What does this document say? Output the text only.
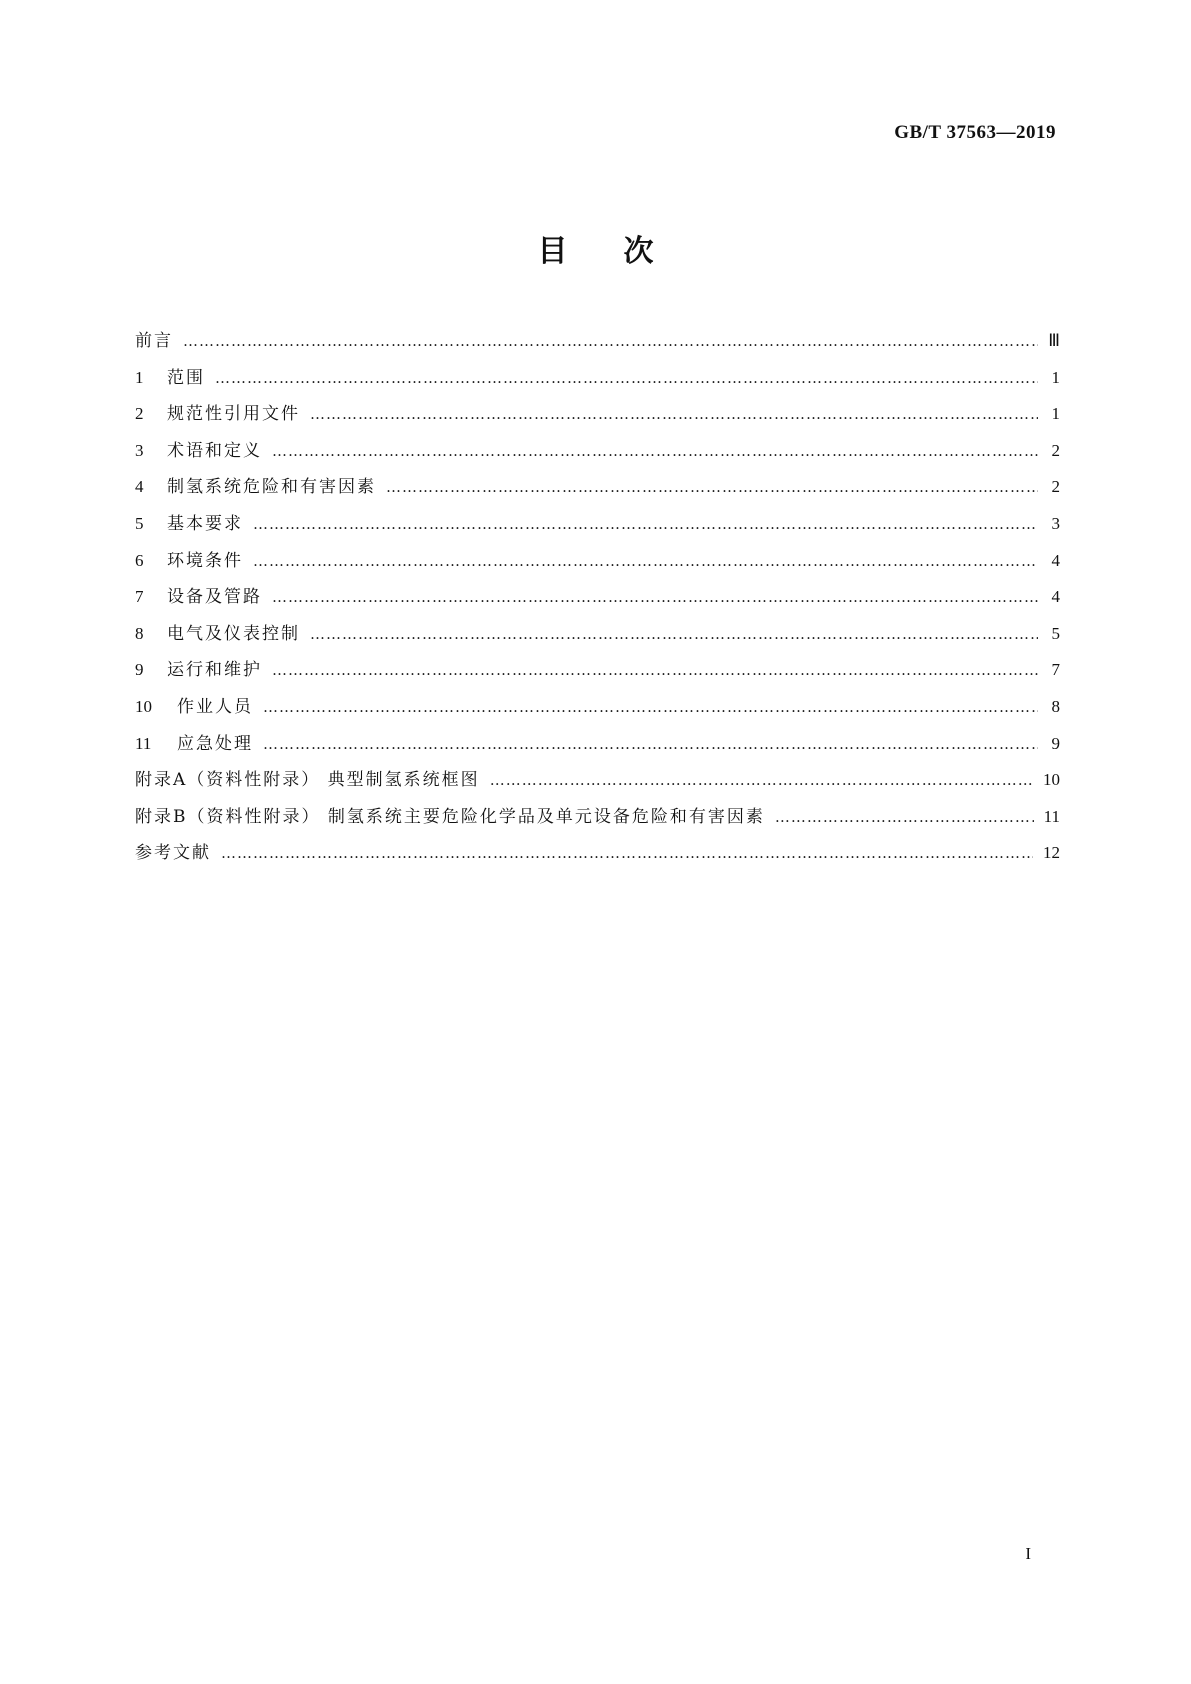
GB/T 37563—2019
目 次
前言 ……………………………………………………………………………………………………………………………………………………………………………………	Ⅲ
1	范围 ……………………………………………………………………………………………………………………………………………………………………………………	1
2	规范性引用文件 ……………………………………………………………………………………………………………………………………………………………………………………	1
3	术语和定义 ……………………………………………………………………………………………………………………………………………………………………………………	2
4	制氢系统危险和有害因素 ……………………………………………………………………………………………………………………………………………………………………………………	2
5	基本要求 ……………………………………………………………………………………………………………………………………………………………………………………	3
6	环境条件 ……………………………………………………………………………………………………………………………………………………………………………………	4
7	设备及管路 ……………………………………………………………………………………………………………………………………………………………………………………	4
8	电气及仪表控制 ……………………………………………………………………………………………………………………………………………………………………………………	5
9	运行和维护 ……………………………………………………………………………………………………………………………………………………………………………………	7
10	作业人员 ……………………………………………………………………………………………………………………………………………………………………………………	8
11	应急处理 ……………………………………………………………………………………………………………………………………………………………………………………	9
附录A（资料性附录） 典型制氢系统框图 ……………………………………………………………………………………………………………………………………………………………………………………	10
附录B（资料性附录） 制氢系统主要危险化学品及单元设备危险和有害因素 ……………………………………………………………………………………………………………………………………………………………………………………	11
参考文献 ……………………………………………………………………………………………………………………………………………………………………………………	12
I
